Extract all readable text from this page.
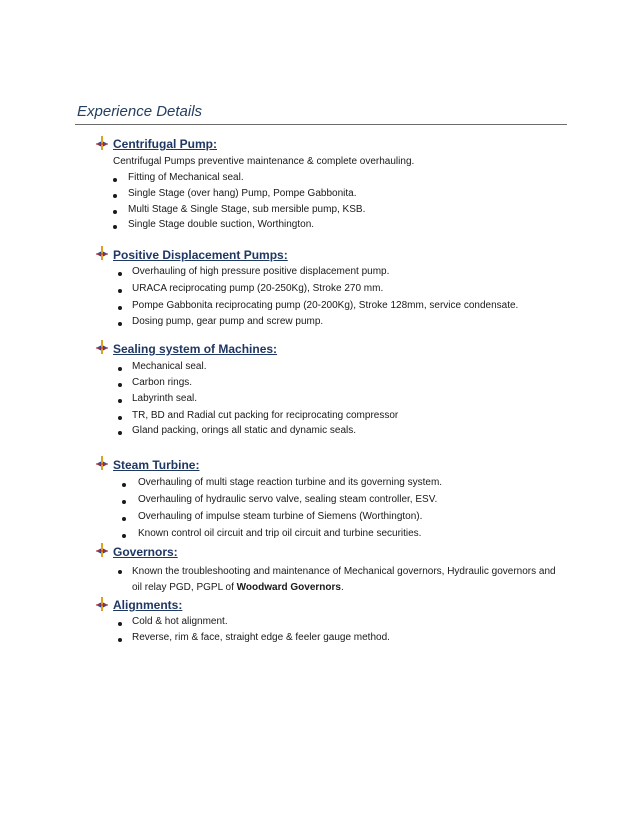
Experience Details
Centrifugal Pump:
Centrifugal Pumps preventive maintenance & complete overhauling.
Fitting of Mechanical seal.
Single Stage (over hang) Pump, Pompe Gabbonita.
Multi Stage & Single Stage, sub mersible pump, KSB.
Single Stage double suction, Worthington.
Positive Displacement Pumps:
Overhauling of high pressure positive displacement pump.
URACA reciprocating pump (20-250Kg), Stroke 270 mm.
Pompe Gabbonita reciprocating pump (20-200Kg), Stroke 128mm, service condensate.
Dosing pump, gear pump and screw pump.
Sealing system of Machines:
Mechanical seal.
Carbon rings.
Labyrinth seal.
TR, BD and Radial cut packing for reciprocating compressor
Gland packing, orings all static and dynamic seals.
Steam Turbine:
Overhauling of multi stage reaction turbine and its governing system.
Overhauling of hydraulic servo valve, sealing steam controller, ESV.
Overhauling of impulse steam turbine of Siemens (Worthington).
Known control oil circuit and trip oil circuit and turbine securities.
Governors:
Known the troubleshooting and maintenance of Mechanical governors, Hydraulic governors and oil relay PGD, PGPL of Woodward Governors.
Alignments:
Cold & hot alignment.
Reverse, rim & face, straight edge & feeler gauge method.
